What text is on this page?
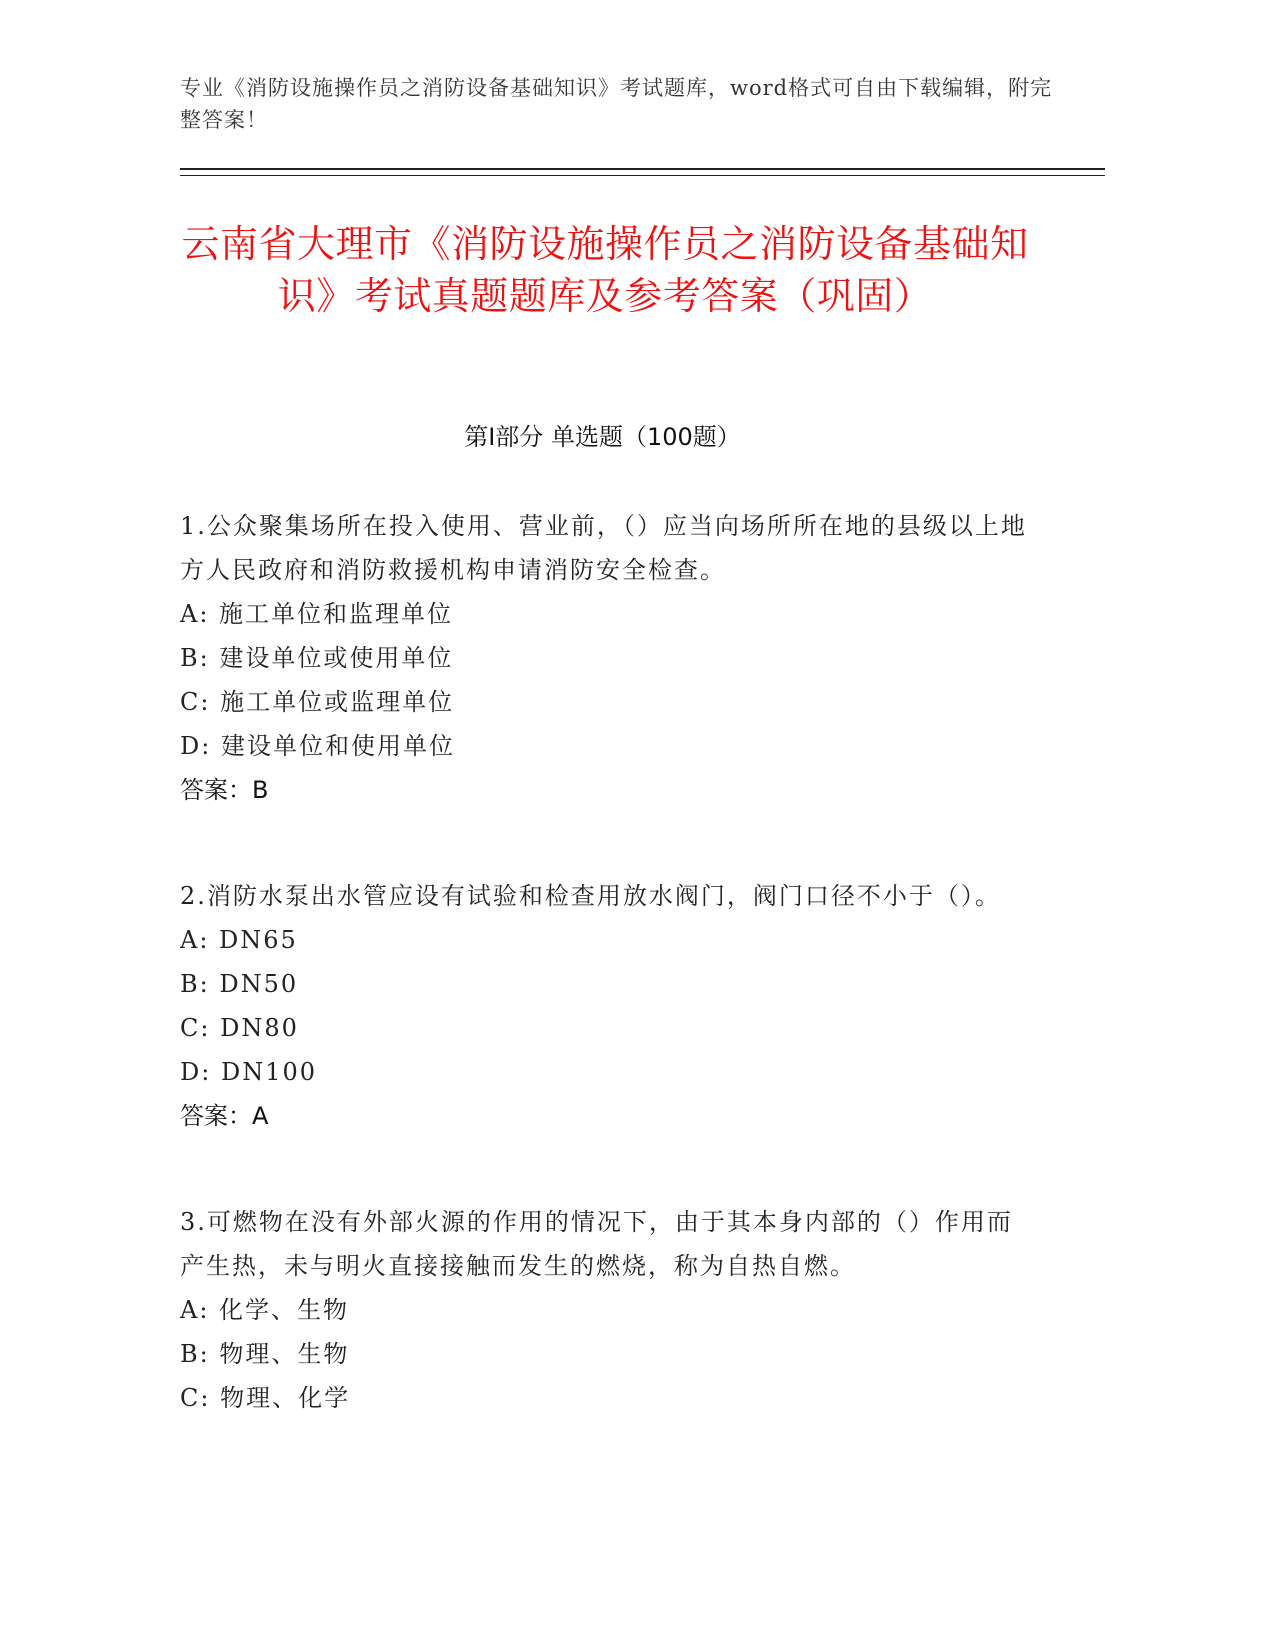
专业《消防设施操作员之消防设备基础知识》考试题库，word格式可自由下载编辑，附完整答案！
云南省大理市《消防设施操作员之消防设备基础知识》考试真题题库及参考答案（巩固）
第I部分 单选题（100题）
1.公众聚集场所在投入使用、营业前，（）应当向场所所在地的县级以上地方人民政府和消防救援机构申请消防安全检查。
A: 施工单位和监理单位
B: 建设单位或使用单位
C: 施工单位或监理单位
D: 建设单位和使用单位
答案：B
2.消防水泵出水管应设有试验和检查用放水阀门，阀门口径不小于（）。
A: DN65
B: DN50
C: DN80
D: DN100
答案：A
3.可燃物在没有外部火源的作用的情况下，由于其本身内部的（）作用而产生热，未与明火直接接触而发生的燃烧，称为自热自燃。
A: 化学、生物
B: 物理、生物
C: 物理、化学
